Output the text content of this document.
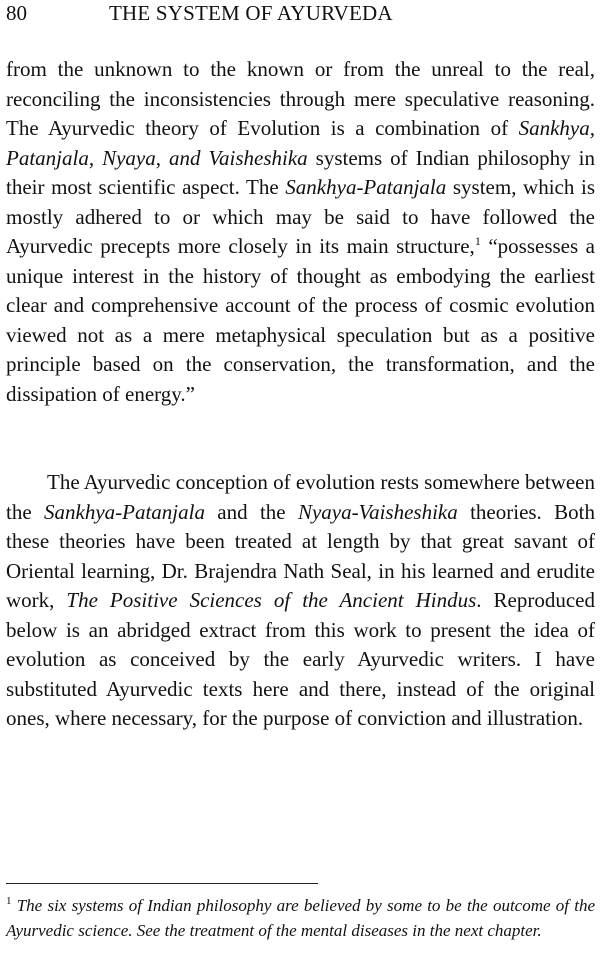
80	THE SYSTEM OF AYURVEDA

from the unknown to the known or from the unreal to the real, reconciling the inconsistencies through mere speculative reasoning. The Ayurvedic theory of Evolution is a combination of Sankhya, Patanjala, Nyaya, and Vaisheshika systems of Indian philosophy in their most scientific aspect. The Sankhya-Patanjala system, which is mostly adhered to or which may be said to have followed the Ayurvedic precepts more closely in its main structure,$^1$ “possesses a unique interest in the history of thought as embodying the earliest clear and comprehensive account of the process of cosmic evolution viewed not as a mere metaphysical speculation but as a positive principle based on the conservation, the transformation, and the dissipation of energy.”

The Ayurvedic conception of evolution rests somewhere between the Sankhya-Patanjala and the Nyaya-Vaisheshika theories. Both these theories have been treated at length by that great savant of Oriental learning, Dr. Brajendra Nath Seal, in his learned and erudite work, The Positive Sciences of the Ancient Hindus. Reproduced below is an abridged extract from this work to present the idea of evolution as conceived by the early Ayurvedic writers. I have substituted Ayurvedic texts here and there, instead of the original ones, where necessary, for the purpose of conviction and illustration.

$^1$ The six systems of Indian philosophy are believed by some to be the outcome of the Ayurvedic science. See the treatment of the mental diseases in the next chapter.
